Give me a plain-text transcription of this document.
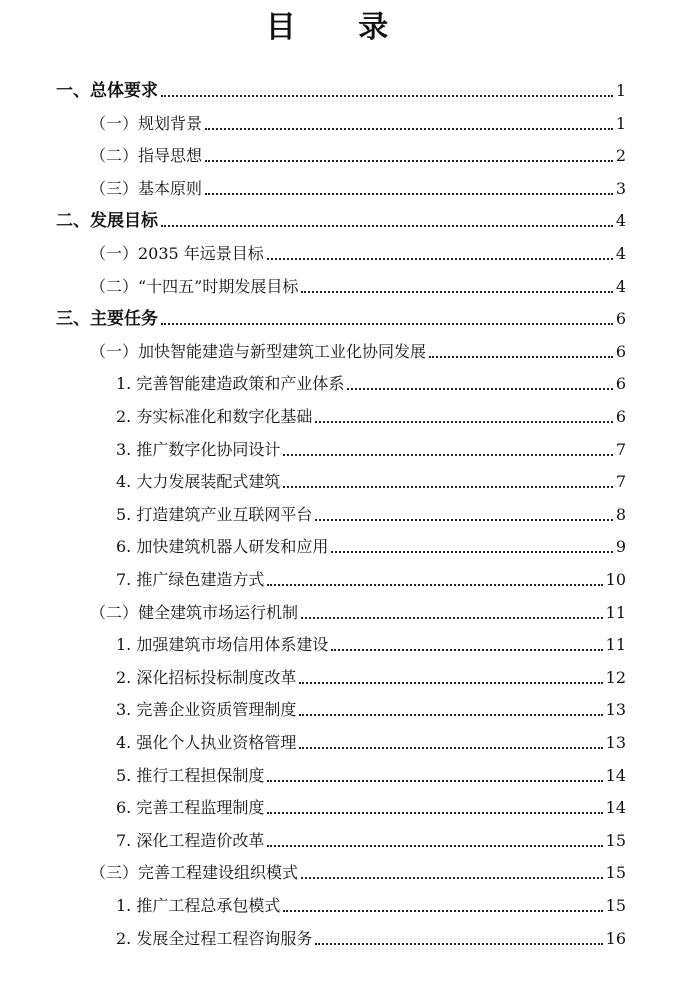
目 录
一、总体要求	1
（一）规划背景	1
（二）指导思想	2
（三）基本原则	3
二、发展目标	4
（一）2035 年远景目标	4
（二）“十四五”时期发展目标	4
三、主要任务	6
（一）加快智能建造与新型建筑工业化协同发展	6
1. 完善智能建造政策和产业体系	6
2. 夯实标准化和数字化基础	6
3. 推广数字化协同设计	7
4. 大力发展装配式建筑	7
5. 打造建筑产业互联网平台	8
6. 加快建筑机器人研发和应用	9
7. 推广绿色建造方式	10
（二）健全建筑市场运行机制	11
1. 加强建筑市场信用体系建设	11
2. 深化招标投标制度改革	12
3. 完善企业资质管理制度	13
4. 强化个人执业资格管理	13
5. 推行工程担保制度	14
6. 完善工程监理制度	14
7. 深化工程造价改革	15
（三）完善工程建设组织模式	15
1. 推广工程总承包模式	15
2. 发展全过程工程咨询服务	16
